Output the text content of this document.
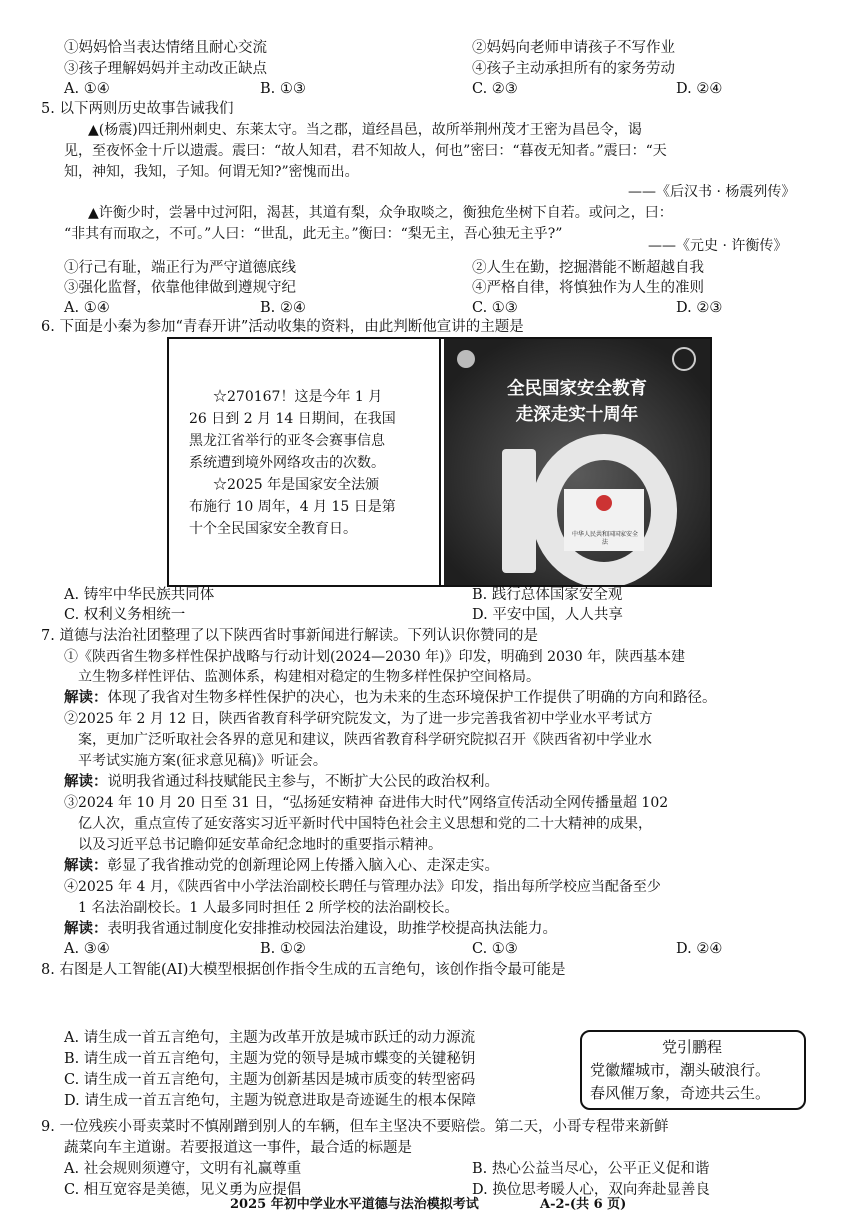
①妈妈恰当表达情绪且耐心交流	②妈妈向老师申请孩子不写作业
③孩子理解妈妈并主动改正缺点	④孩子主动承担所有的家务劳动
A. ①④	B. ①③	C. ②③	D. ②④
5. 以下两则历史故事告诫我们
▲(杨震)四迁荆州刺史、东莱太守。当之郡，道经昌邑，故所举荆州茂才王密为昌邑令，谒
见，至夜怀金十斤以遗震。震曰：“故人知君，君不知故人，何也”密曰：“暮夜无知者。”震曰：“天
知，神知，我知，子知。何谓无知?”密愧而出。
——《后汉书 · 杨震列传》
▲许衡少时，尝暑中过河阳，渴甚，其道有梨，众争取啖之，衡独危坐树下自若。或问之，曰：
“非其有而取之，不可。”人曰：“世乱，此无主。”衡曰：“梨无主，吾心独无主乎?”
——《元史 · 许衡传》
①行己有耻，端正行为严守道德底线	②人生在勤，挖掘潜能不断超越自我
③强化监督，依靠他律做到遵规守纪	④严格自律，将慎独作为人生的准则
A. ①④	B. ②④	C. ①③	D. ②③
6. 下面是小秦为参加“青春开讲”活动收集的资料，由此判断他宣讲的主题是
☆270167！这是今年 1 月
26 日到 2 月 14 日期间，在我国
黑龙江省举行的亚冬会赛事信息
系统遭到境外网络攻击的次数。
☆2025 年是国家安全法颁
布施行 10 周年，4 月 15 日是第
十个全民国家安全教育日。
全民国家安全教育
走深走实十周年
中华人民共和国国家安全法
A. 铸牢中华民族共同体	B. 践行总体国家安全观
C. 权利义务相统一	D. 平安中国，人人共享
7. 道德与法治社团整理了以下陕西省时事新闻进行解读。下列认识你赞同的是
①《陕西省生物多样性保护战略与行动计划(2024—2030 年)》印发，明确到 2030 年，陕西基本建
立生物多样性评估、监测体系，构建相对稳定的生物多样性保护空间格局。
解读：体现了我省对生物多样性保护的决心，也为未来的生态环境保护工作提供了明确的方向和路径。
②2025 年 2 月 12 日，陕西省教育科学研究院发文，为了进一步完善我省初中学业水平考试方
案，更加广泛听取社会各界的意见和建议，陕西省教育科学研究院拟召开《陕西省初中学业水
平考试实施方案(征求意见稿)》听证会。
解读：说明我省通过科技赋能民主参与，不断扩大公民的政治权利。
③2024 年 10 月 20 日至 31 日，“弘扬延安精神 奋进伟大时代”网络宣传活动全网传播量超 102
亿人次，重点宣传了延安落实习近平新时代中国特色社会主义思想和党的二十大精神的成果，
以及习近平总书记瞻仰延安革命纪念地时的重要指示精神。
解读：彰显了我省推动党的创新理论网上传播入脑入心、走深走实。
④2025 年 4 月，《陕西省中小学法治副校长聘任与管理办法》印发，指出每所学校应当配备至少
1 名法治副校长。1 人最多同时担任 2 所学校的法治副校长。
解读：表明我省通过制度化安排推动校园法治建设，助推学校提高执法能力。
A. ③④	B. ①②	C. ①③	D. ②④
8. 右图是人工智能(AI)大模型根据创作指令生成的五言绝句，该创作指令最可能是
A. 请生成一首五言绝句，主题为改革开放是城市跃迁的动力源流
B. 请生成一首五言绝句，主题为党的领导是城市蝶变的关键秘钥
C. 请生成一首五言绝句，主题为创新基因是城市质变的转型密码
D. 请生成一首五言绝句，主题为锐意进取是奇迹诞生的根本保障
党引鹏程
党徽耀城市，潮头破浪行。
春风催万象，奇迹共云生。
9. 一位残疾小哥卖菜时不慎剐蹭到别人的车辆，但车主坚决不要赔偿。第二天，小哥专程带来新鲜
蔬菜向车主道谢。若要报道这一事件，最合适的标题是
A. 社会规则须遵守，文明有礼赢尊重	B. 热心公益当尽心，公平正义促和谐
C. 相互宽容是美德，见义勇为应提倡	D. 换位思考暖人心，双向奔赴显善良
2025 年初中学业水平道德与法治模拟考试	A-2-(共 6 页)
